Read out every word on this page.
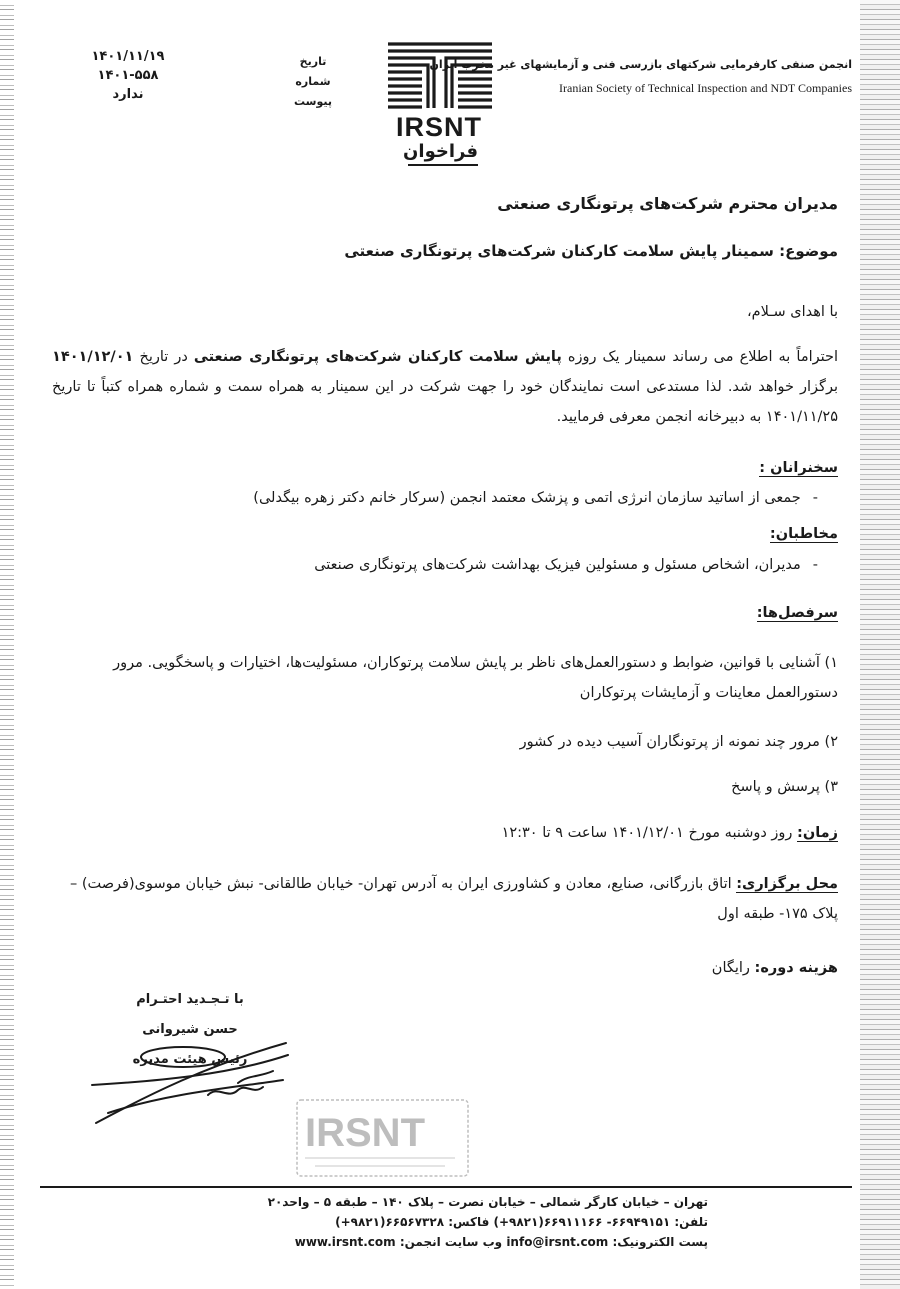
انجمن صنفی کارفرمایی شرکتهای بازرسی فنی و آزمایشهای غیر مخرب ایران
Iranian Society of Technical Inspection and NDT Companies
تاریخ
شماره
پیوست
۱۴۰۱/۱۱/۱۹
۱۴۰۱-۵۵۸
ندارد
IRSNT
فراخوان
مدیران محترم شرکت‌های پرتونگاری صنعتی
موضوع: سمینار پایش سلامت کارکنان شرکت‌های پرتونگاری صنعتی
با اهدای سـلام،
احتراماً به اطلاع می رساند سمینار یک روزه پایش سلامت کارکنان شرکت‌های پرتونگاری صنعتی در تاریخ ۱۴۰۱/۱۲/۰۱ برگزار خواهد شد. لذا مستدعی است نمایندگان خود را جهت شرکت در این سمینار به همراه سمت و شماره همراه کتباً تا تاریخ ۱۴۰۱/۱۱/۲۵ به دبیرخانه انجمن معرفی فرمایید.
سخنرانان :
-جمعی از اساتید سازمان انرژی اتمی و پزشک معتمد انجمن (سرکار خانم دکتر زهره بیگدلی)
مخاطبان:
-مدیران، اشخاص مسئول و مسئولین فیزیک بهداشت شرکت‌های پرتونگاری صنعتی
سرفصل‌ها:
۱) آشنایی با قوانین، ضوابط و دستورالعمل‌های ناظر بر پایش سلامت پرتوکاران، مسئولیت‌ها، اختیارات و پاسخگویی. مرور دستورالعمل معاینات و آزمایشات پرتوکاران
۲) مرور چند نمونه از پرتونگاران آسیب دیده در کشور
۳) پرسش و پاسخ
زمان: روز دوشنبه مورخ ۱۴۰۱/۱۲/۰۱ ساعت ۹ تا ۱۲:۳۰
محل برگزاری: اتاق بازرگانی، صنایع، معادن و کشاورزی ایران به آدرس تهران- خیابان طالقانی- نبش خیابان موسوی(فرصت) – پلاک ۱۷۵- طبقه اول
هزینه دوره: رایگان
با تـجـدید احتـرام
حسن شیروانی
رئیس هیئت مدیره
IRSNT
تهران – خیابان کارگر شمالی – خیابان نصرت – پلاک ۱۴۰ – طبقه ۵ – واحد۲۰
تلفن: ۶۶۹۴۹۱۵۱- ۶۶۹۱۱۱۶۶(۹۸۲۱+) فاکس: ۶۶۵۶۷۳۲۸(۹۸۲۱+)
پست الکترونیک: info@irsnt.com وب سایت انجمن: www.irsnt.com
